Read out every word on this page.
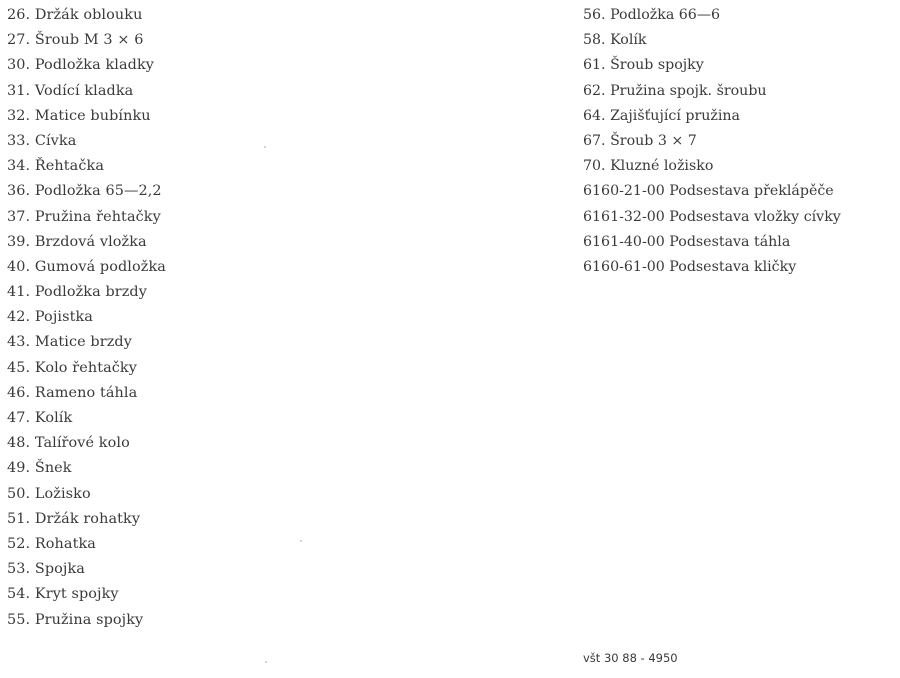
26. Držák oblouku
27. Šroub M 3 × 6
30. Podložka kladky
31. Vodící kladka
32. Matice bubínku
33. Cívka
34. Řehtačka
36. Podložka 65—2,2
37. Pružina řehtačky
39. Brzdová vložka
40. Gumová podložka
41. Podložka brzdy
42. Pojistka
43. Matice brzdy
45. Kolo řehtačky
46. Rameno táhla
47. Kolík
48. Talířové kolo
49. Šnek
50. Ložisko
51. Držák rohatky
52. Rohatka
53. Spojka
54. Kryt spojky
55. Pružina spojky
56. Podložka 66—6
58. Kolík
61. Šroub spojky
62. Pružina spojk. šroubu
64. Zajišťující pružina
67. Šroub 3 × 7
70. Kluzné ložisko
6160-21-00 Podsestava překlápěče
6161-32-00 Podsestava vložky cívky
6161-40-00 Podsestava táhla
6160-61-00 Podsestava kličky
všt 30 88 - 4950
